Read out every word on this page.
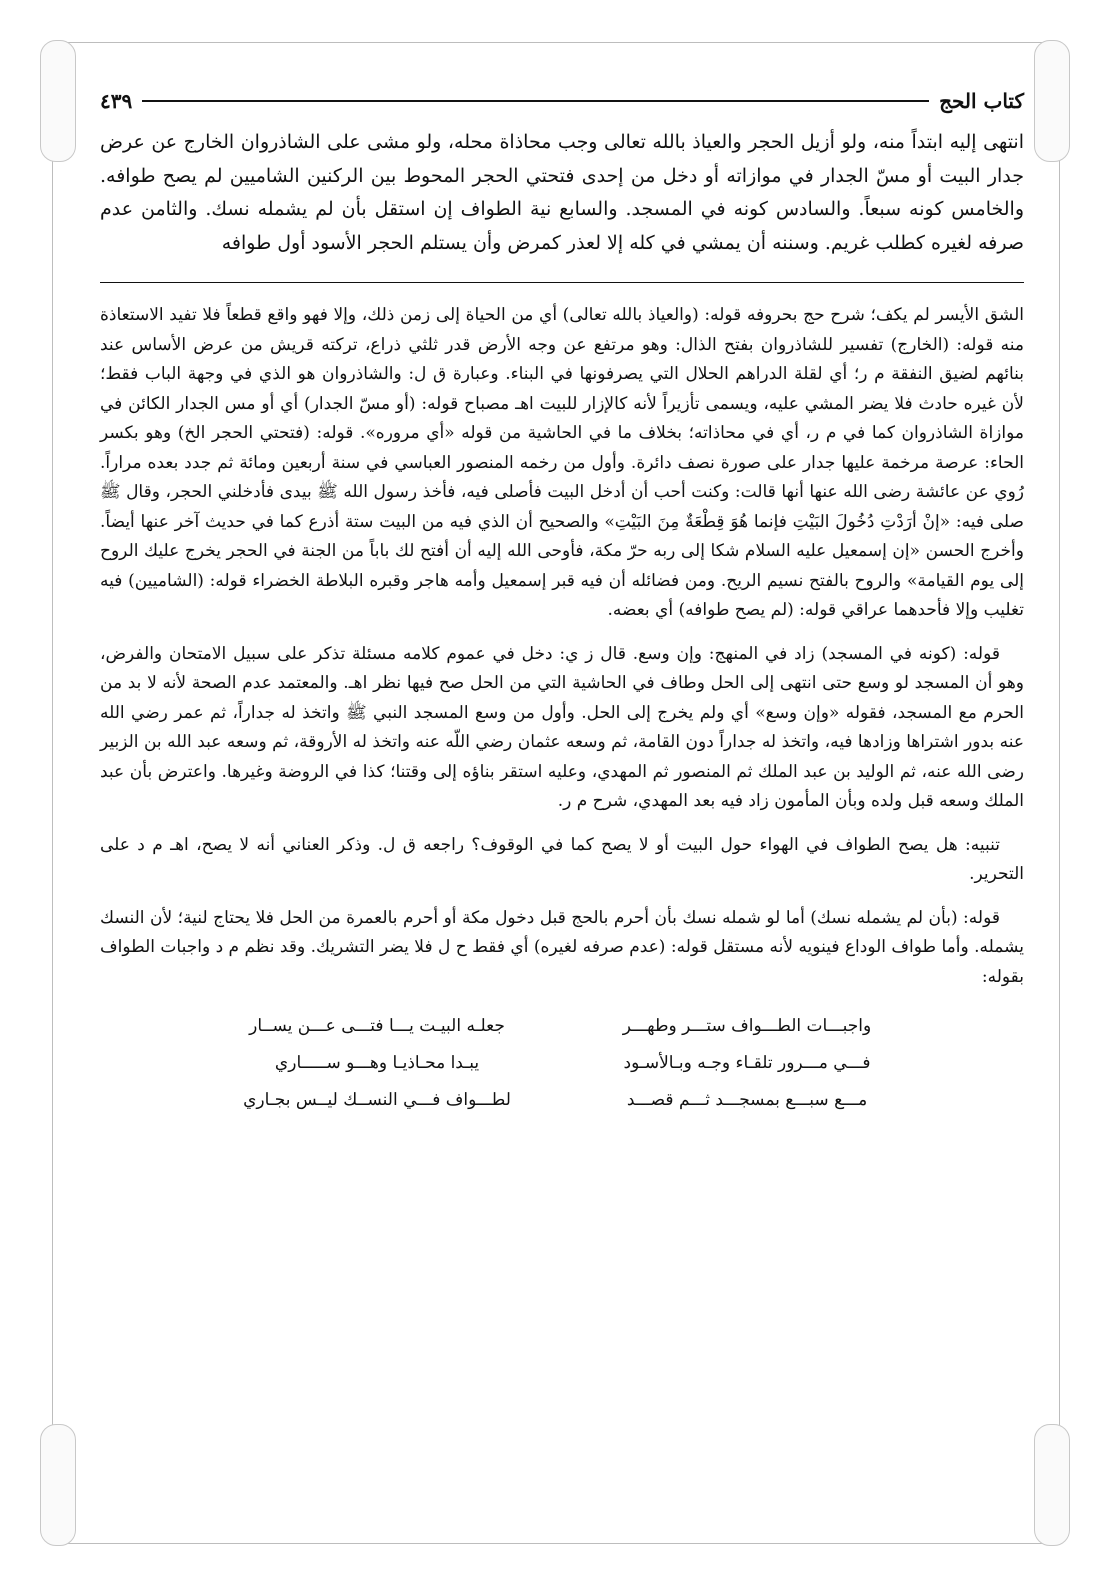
كتاب الحج
٤٣٩

انتهى إليه ابتداً منه، ولو أزيل الحجر والعياذ بالله تعالى وجب محاذاة محله، ولو مشى على الشاذروان الخارج عن عرض جدار البيت أو مسّ الجدار في موازاته أو دخل من إحدى فتحتي الحجر المحوط بين الركنين الشاميين لم يصح طوافه. والخامس كونه سبعاً. والسادس كونه في المسجد. والسابع نية الطواف إن استقل بأن لم يشمله نسك. والثامن عدم صرفه لغيره كطلب غريم. وسننه أن يمشي في كله إلا لعذر كمرض وأن يستلم الحجر الأسود أول طوافه

الشق الأيسر لم يكف؛ شرح حج بحروفه قوله: (والعياذ بالله تعالى) أي من الحياة إلى زمن ذلك، وإلا فهو واقع قطعاً فلا تفيد الاستعاذة منه قوله: (الخارج) تفسير للشاذروان بفتح الذال: وهو مرتفع عن وجه الأرض قدر ثلثي ذراع، تركته قريش من عرض الأساس عند بنائهم لضيق النفقة م ر؛ أي لقلة الدراهم الحلال التي يصرفونها في البناء. وعبارة ق ل: والشاذروان هو الذي في وجهة الباب فقط؛ لأن غيره حادث فلا يضر المشي عليه، ويسمى تأزيراً لأنه كالإزار للبيت اهـ مصباح قوله: (أو مسّ الجدار) أي أو مس الجدار الكائن في موازاة الشاذروان كما في م ر، أي في محاذاته؛ بخلاف ما في الحاشية من قوله «أي مروره». قوله: (فتحتي الحجر الخ) وهو بكسر الحاء: عرصة مرخمة عليها جدار على صورة نصف دائرة. وأول من رخمه المنصور العباسي في سنة أربعين ومائة ثم جدد بعده مراراً. رُوي عن عائشة رضى الله عنها أنها قالت: وكنت أحب أن أدخل البيت فأصلى فيه، فأخذ رسول الله ﷺ بيدى فأدخلني الحجر، وقال ﷺ صلى فيه: «إنْ أرَدْتِ دُخُولَ البَيْتِ فإنما هُوَ قِطْعَةٌ مِنَ البَيْتِ» والصحيح أن الذي فيه من البيت ستة أذرع كما في حديث آخر عنها أيضاً. وأخرج الحسن «إن إسمعيل عليه السلام شكا إلى ربه حرّ مكة، فأوحى الله إليه أن أفتح لك باباً من الجنة في الحجر يخرج عليك الروح إلى يوم القيامة» والروح بالفتح نسيم الريح. ومن فضائله أن فيه قبر إسمعيل وأمه هاجر وقبره البلاطة الخضراء قوله: (الشاميين) فيه تغليب وإلا فأحدهما عراقي قوله: (لم يصح طوافه) أي بعضه.

قوله: (كونه في المسجد) زاد في المنهج: وإن وسع. قال ز ي: دخل في عموم كلامه مسئلة تذكر على سبيل الامتحان والفرض، وهو أن المسجد لو وسع حتى انتهى إلى الحل وطاف في الحاشية التي من الحل صح فيها نظر اهـ. والمعتمد عدم الصحة لأنه لا بد من الحرم مع المسجد، فقوله «وإن وسع» أي ولم يخرج إلى الحل. وأول من وسع المسجد النبي ﷺ واتخذ له جداراً، ثم عمر رضي الله عنه بدور اشتراها وزادها فيه، واتخذ له جداراً دون القامة، ثم وسعه عثمان رضي اللّه عنه واتخذ له الأروقة، ثم وسعه عبد الله بن الزبير رضى الله عنه، ثم الوليد بن عبد الملك ثم المنصور ثم المهدي، وعليه استقر بناؤه إلى وقتنا؛ كذا في الروضة وغيرها. واعترض بأن عبد الملك وسعه قبل ولده وبأن المأمون زاد فيه بعد المهدي، شرح م ر.

تنبيه: هل يصح الطواف في الهواء حول البيت أو لا يصح كما في الوقوف؟ راجعه ق ل. وذكر العناني أنه لا يصح، اهـ م د على التحرير.

قوله: (بأن لم يشمله نسك) أما لو شمله نسك بأن أحرم بالحج قبل دخول مكة أو أحرم بالعمرة من الحل فلا يحتاج لنية؛ لأن النسك يشمله. وأما طواف الوداع فينويه لأنه مستقل قوله: (عدم صرفه لغيره) أي فقط ح ل فلا يضر التشريك. وقد نظم م د واجبات الطواف بقوله:

واجبـــات الطـــواف ستـــر وطهـــر
جعلـه البيـت يـــا فتـــى عـــن يســار
فـــي مـــرور تلقـاء وجـه وبـالأسـود
يبـدا محـاذيـا وهـــو ســـــاري
مـــع سبـــع بمسجـــد ثـــم قصـــد
لطـــواف فـــي النســك ليــس بجـاري
